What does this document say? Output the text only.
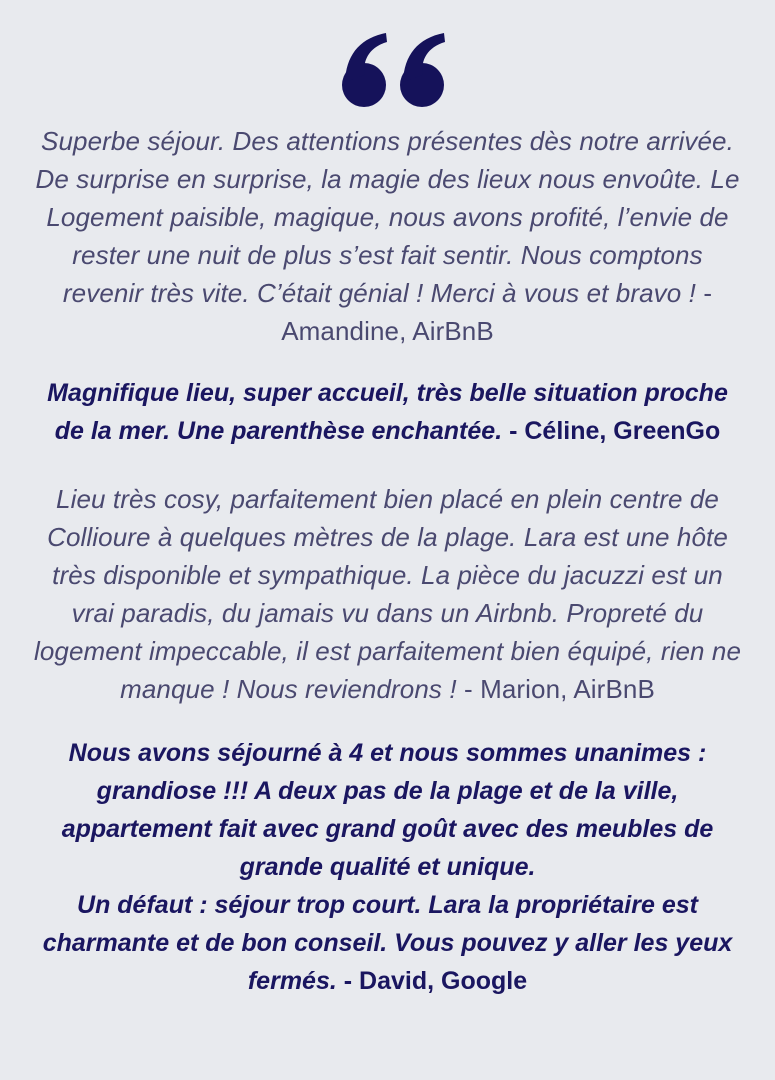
Superbe séjour. Des attentions présentes dès notre arrivée. De surprise en surprise, la magie des lieux nous envoûte. Le Logement paisible, magique, nous avons profité, l’envie de rester une nuit de plus s’est fait sentir. Nous comptons revenir très vite. C’était génial ! Merci à vous et bravo ! - Amandine, AirBnB

Magnifique lieu, super accueil, très belle situation proche de la mer. Une parenthèse enchantée. - Céline, GreenGo

Lieu très cosy, parfaitement bien placé en plein centre de Collioure à quelques mètres de la plage. Lara est une hôte très disponible et sympathique. La pièce du jacuzzi est un vrai paradis, du jamais vu dans un Airbnb. Propreté du logement impeccable, il est parfaitement bien équipé, rien ne manque ! Nous reviendrons ! - Marion, AirBnB

Nous avons séjourné à 4 et nous sommes unanimes : grandiose !!! A deux pas de la plage et de la ville, appartement fait avec grand goût avec des meubles de grande qualité et unique.
Un défaut : séjour trop court. Lara la propriétaire est charmante et de bon conseil. Vous pouvez y aller les yeux fermés. - David, Google
